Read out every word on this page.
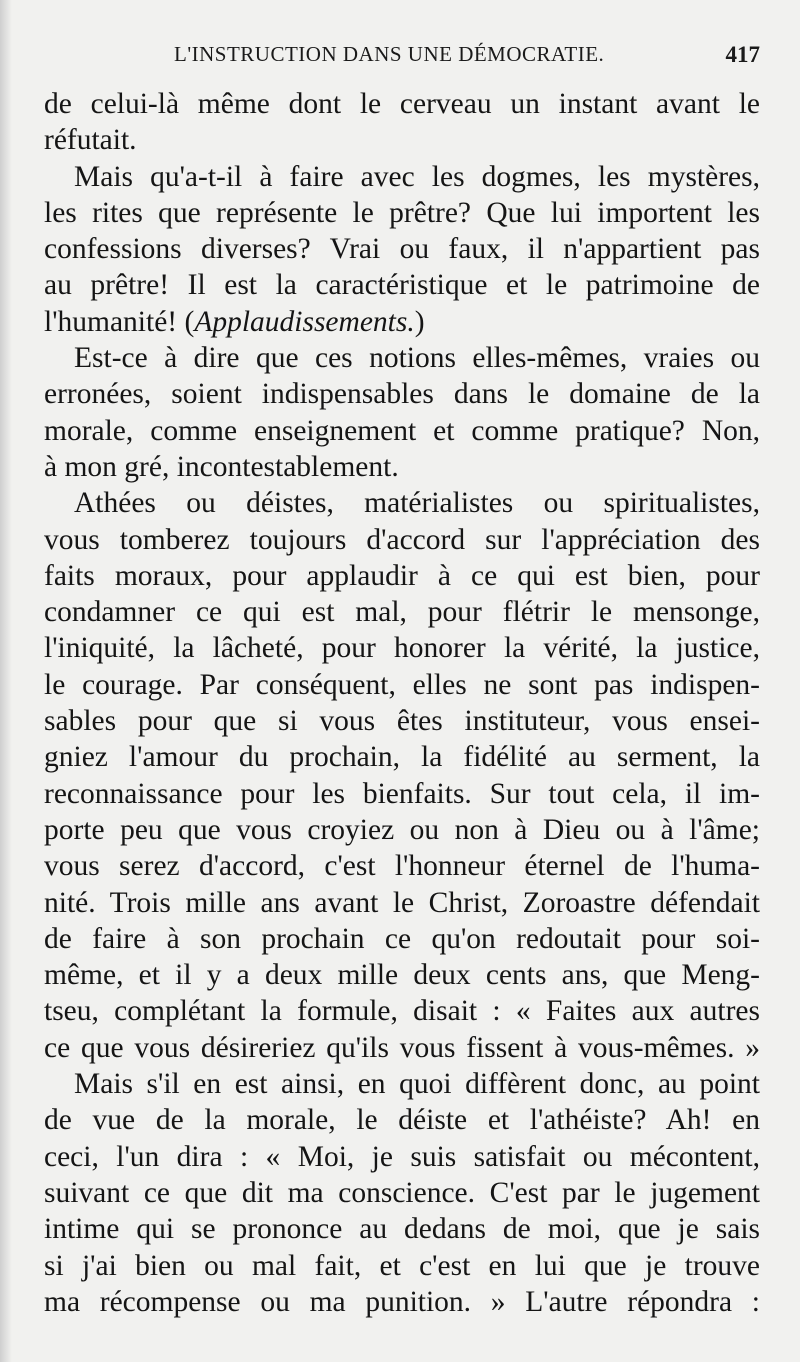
L'INSTRUCTION DANS UNE DÉMOCRATIE.	417
de celui-là même dont le cerveau un instant avant le
réfutait.
Mais qu'a-t-il à faire avec les dogmes, les mystères,
les rites que représente le prêtre? Que lui importent les
confessions diverses? Vrai ou faux, il n'appartient pas
au prêtre! Il est la caractéristique et le patrimoine de
l'humanité! (Applaudissements.)
Est-ce à dire que ces notions elles-mêmes, vraies ou
erronées, soient indispensables dans le domaine de la
morale, comme enseignement et comme pratique? Non,
à mon gré, incontestablement.
Athées ou déistes, matérialistes ou spiritualistes,
vous tomberez toujours d'accord sur l'appréciation des
faits moraux, pour applaudir à ce qui est bien, pour
condamner ce qui est mal, pour flétrir le mensonge,
l'iniquité, la lâcheté, pour honorer la vérité, la justice,
le courage. Par conséquent, elles ne sont pas indispen-
sables pour que si vous êtes instituteur, vous ensei-
gniez l'amour du prochain, la fidélité au serment, la
reconnaissance pour les bienfaits. Sur tout cela, il im-
porte peu que vous croyiez ou non à Dieu ou à l'âme;
vous serez d'accord, c'est l'honneur éternel de l'huma-
nité. Trois mille ans avant le Christ, Zoroastre défendait
de faire à son prochain ce qu'on redoutait pour soi-
même, et il y a deux mille deux cents ans, que Meng-
tseu, complétant la formule, disait : « Faites aux autres
ce que vous désireriez qu'ils vous fissent à vous-mêmes. »
Mais s'il en est ainsi, en quoi diffèrent donc, au point
de vue de la morale, le déiste et l'athéiste? Ah! en
ceci, l'un dira : « Moi, je suis satisfait ou mécontent,
suivant ce que dit ma conscience. C'est par le jugement
intime qui se prononce au dedans de moi, que je sais
si j'ai bien ou mal fait, et c'est en lui que je trouve
ma récompense ou ma punition. » L'autre répondra :
